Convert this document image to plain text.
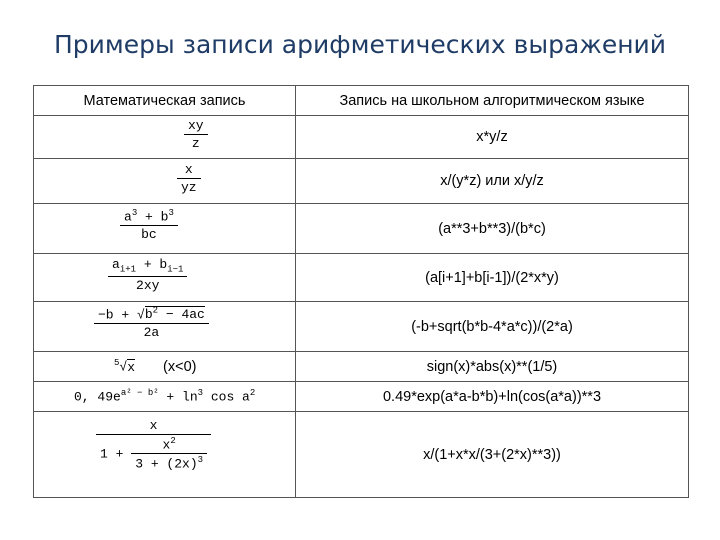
Примеры записи арифметических выражений
Математическая запись	Запись на школьном алгоритмическом языке

$\frac{xy}{z}$	x*y/z

$\frac{x}{yz}$	x/(y*z) или x/y/z

$\frac{a^3 + b^3}{bc}$	(a**3+b**3)/(b*c)

$\frac{a_{i+1} + b_{i-1}}{2xy}$	(a[i+1]+b[i-1])/(2*x*y)

$\frac{-b + √b^2 - 4ac}{2a}$	(-b+sqrt(b*b-4*a*c))/(2*a)

$^5$√x (x<0)	sign(x)*abs(x)**(1/5)

0, $49e^{a^2 - b^2} + \ln^3 \cos a^2$	0.49*exp(a*a-b*b)+ln(cos(a*a))**3

$\frac{x}{1 + \frac{x^2}{3 + (2x)^3}}$	x/(1+x*x/(3+(2*x)**3))
